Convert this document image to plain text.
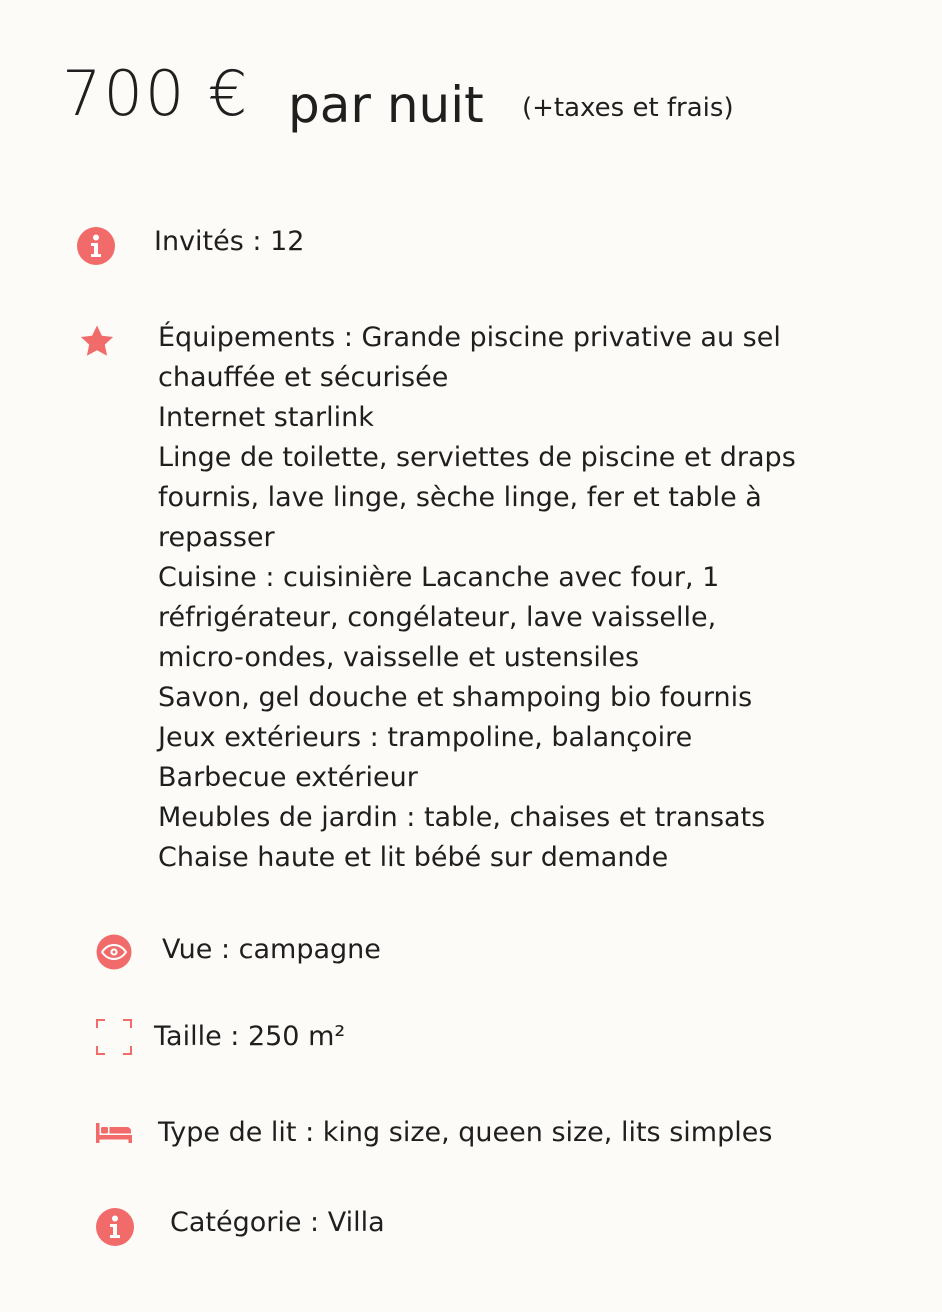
700 € par nuit (+taxes et frais)
Invités : 12
Équipements : Grande piscine privative au sel
chauffée et sécurisée
Internet starlink
Linge de toilette, serviettes de piscine et draps
fournis, lave linge, sèche linge, fer et table à
repasser
Cuisine : cuisinière Lacanche avec four, 1
réfrigérateur, congélateur, lave vaisselle,
micro-ondes, vaisselle et ustensiles
Savon, gel douche et shampoing bio fournis
Jeux extérieurs : trampoline, balançoire
Barbecue extérieur
Meubles de jardin : table, chaises et transats
Chaise haute et lit bébé sur demande
Vue : campagne
Taille : 250 m²
Type de lit : king size, queen size, lits simples
Catégorie : Villa
